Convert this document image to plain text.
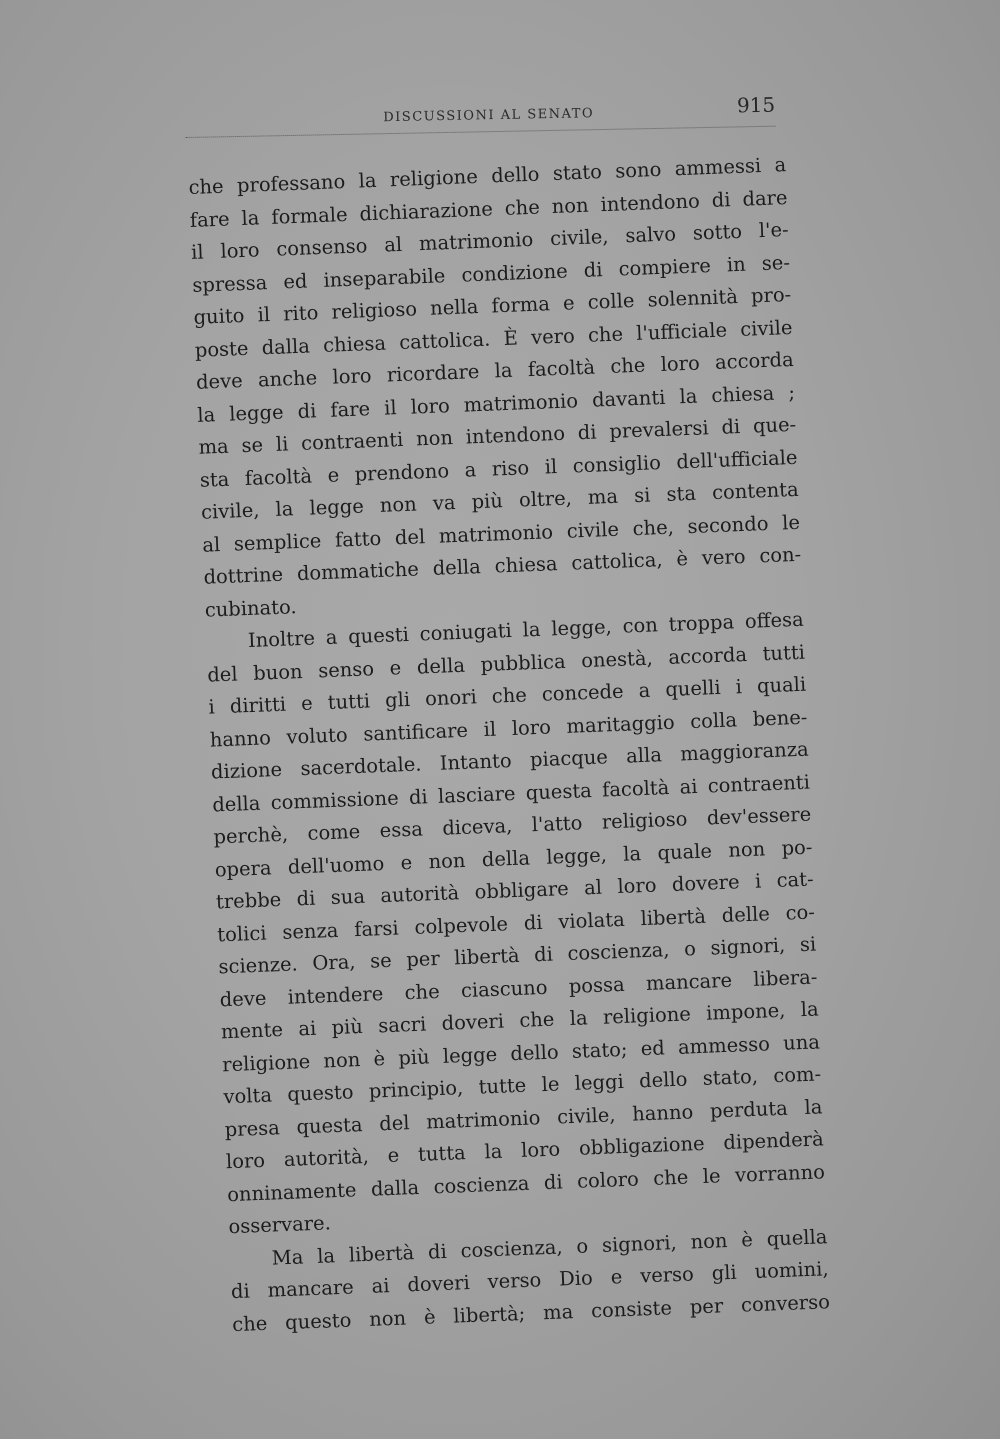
DISCUSSIONI AL SENATO	915
che professano la religione dello stato sono ammessi a
fare la formale dichiarazione che non intendono di dare
il loro consenso al matrimonio civile, salvo sotto l'e-
spressa ed inseparabile condizione di compiere in se-
guito il rito religioso nella forma e colle solennità pro-
poste dalla chiesa cattolica. È vero che l'ufficiale civile
deve anche loro ricordare la facoltà che loro accorda
la legge di fare il loro matrimonio davanti la chiesa ;
ma se li contraenti non intendono di prevalersi di que-
sta facoltà e prendono a riso il consiglio dell'ufficiale
civile, la legge non va più oltre, ma si sta contenta
al semplice fatto del matrimonio civile che, secondo le
dottrine dommatiche della chiesa cattolica, è vero con-
cubinato.
Inoltre a questi coniugati la legge, con troppa offesa
del buon senso e della pubblica onestà, accorda tutti
i diritti e tutti gli onori che concede a quelli i quali
hanno voluto santificare il loro maritaggio colla bene-
dizione sacerdotale. Intanto piacque alla maggioranza
della commissione di lasciare questa facoltà ai contraenti
perchè, come essa diceva, l'atto religioso dev'essere
opera dell'uomo e non della legge, la quale non po-
trebbe di sua autorità obbligare al loro dovere i cat-
tolici senza farsi colpevole di violata libertà delle co-
scienze. Ora, se per libertà di coscienza, o signori, si
deve intendere che ciascuno possa mancare libera-
mente ai più sacri doveri che la religione impone, la
religione non è più legge dello stato; ed ammesso una
volta questo principio, tutte le leggi dello stato, com-
presa questa del matrimonio civile, hanno perduta la
loro autorità, e tutta la loro obbligazione dipenderà
onninamente dalla coscienza di coloro che le vorranno
osservare.
Ma la libertà di coscienza, o signori, non è quella
di mancare ai doveri verso Dio e verso gli uomini,
che questo non è libertà; ma consiste per converso
